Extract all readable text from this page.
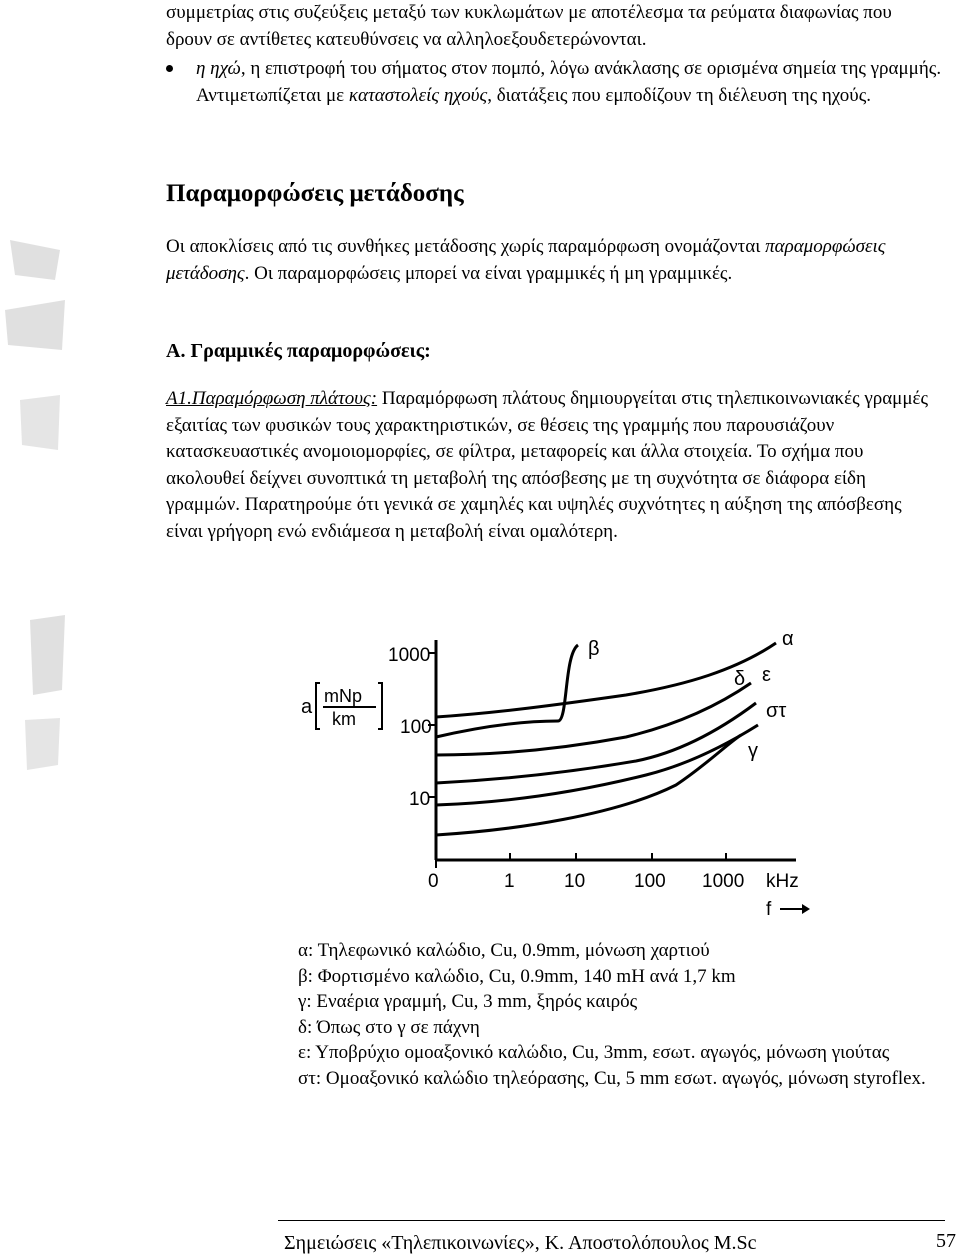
συμμετρίας στις συζεύξεις μεταξύ των κυκλωμάτων με αποτέλεσμα τα ρεύματα διαφωνίας που δρουν σε αντίθετες κατευθύνσεις να αλληλοεξουδετερώνονται.

η ηχώ, η επιστροφή του σήματος στον πομπό, λόγω ανάκλασης σε ορισμένα σημεία της γραμμής. Αντιμετωπίζεται με καταστολείς ηχούς, διατάξεις που εμποδίζουν τη διέλευση της ηχούς.
Παραμορφώσεις μετάδοσης

Οι αποκλίσεις από τις συνθήκες μετάδοσης χωρίς παραμόρφωση ονομάζονται παραμορφώσεις μετάδοσης. Οι παραμορφώσεις μπορεί να είναι γραμμικές ή μη γραμμικές.

Α. Γραμμικές παραμορφώσεις:

Α1.Παραμόρφωση πλάτους: Παραμόρφωση πλάτους δημιουργείται στις τηλεπικοινωνιακές γραμμές εξαιτίας των φυσικών τους χαρακτηριστικών, σε θέσεις της γραμμής που παρουσιάζουν κατασκευαστικές ανομοιομορφίες, σε φίλτρα, μεταφορείς και άλλα στοιχεία. Το σχήμα που ακολουθεί δείχνει συνοπτικά τη μεταβολή της απόσβεσης με τη συχνότητα σε διάφορα είδη γραμμών. Παρατηρούμε ότι γενικά σε χαμηλές και υψηλές συχνότητες η αύξηση της απόσβεσης είναι γρήγορη ενώ ενδιάμεσα η μεταβολή είναι ομαλότερη.

1000
100
10
a mNp
km
0	1	10	100 1000 kHz
f
β	α
δ ε
στ
γ
α: Τηλεφωνικό καλώδιο, Cu, 0.9mm, μόνωση χαρτιού
β: Φορτισμένο καλώδιο, Cu, 0.9mm, 140 mH ανά 1,7 km
γ: Εναέρια γραμμή, Cu, 3 mm, ξηρός καιρός
δ: Όπως στο γ σε πάχνη
ε: Υποβρύχιο ομοαξονικό καλώδιο, Cu, 3mm, εσωτ. αγωγός, μόνωση γιούτας
στ: Ομοαξονικό καλώδιο τηλεόρασης, Cu, 5 mm εσωτ. αγωγός, μόνωση styroflex.
Σημειώσεις «Τηλεπικοινωνίες», Κ. Αποστολόπουλος M.Sc	57
